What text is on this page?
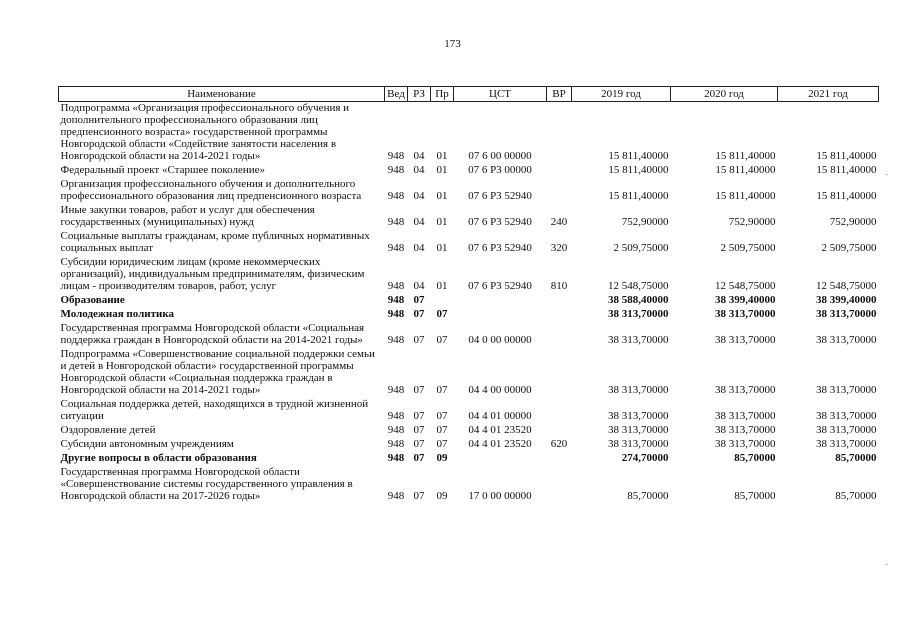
173
Наименование	Вед	РЗ	Пр	ЦСТ	ВР	2019 год	2020 год	2021 год
Подпрограмма «Организация профессионального обучения и дополнительного профессионального образования лиц предпенсионного возраста» государственной программы Новгородской области «Содействие занятости населения в Новгородской области на 2014-2021 годы»	948	04	01	07 6 00 00000		15 811,40000	15 811,40000	15 811,40000
Федеральный проект «Старшее поколение»	948	04	01	07 6 P3 00000		15 811,40000	15 811,40000	15 811,40000
Организация профессионального обучения и дополнительного профессионального образования лиц предпенсионного возраста	948	04	01	07 6 P3 52940		15 811,40000	15 811,40000	15 811,40000
Иные закупки товаров, работ и услуг для обеспечения государственных (муниципальных) нужд	948	04	01	07 6 P3 52940	240	752,90000	752,90000	752,90000
Социальные выплаты гражданам, кроме публичных нормативных социальных выплат	948	04	01	07 6 P3 52940	320	2 509,75000	2 509,75000	2 509,75000
Субсидии юридическим лицам (кроме некоммерческих организаций), индивидуальным предпринимателям, физическим лицам - производителям товаров, работ, услуг	948	04	01	07 6 P3 52940	810	12 548,75000	12 548,75000	12 548,75000
Образование	948	07				38 588,40000	38 399,40000	38 399,40000
Молодежная политика	948	07	07			38 313,70000	38 313,70000	38 313,70000
Государственная программа Новгородской области «Социальная поддержка граждан в Новгородской области на 2014-2021 годы»	948	07	07	04 0 00 00000		38 313,70000	38 313,70000	38 313,70000
Подпрограмма «Совершенствование социальной поддержки семьи и детей в Новгородской области» государственной программы Новгородской области «Социальная поддержка граждан в Новгородской области на 2014-2021 годы»	948	07	07	04 4 00 00000		38 313,70000	38 313,70000	38 313,70000
Социальная поддержка детей, находящихся в трудной жизненной ситуации	948	07	07	04 4 01 00000		38 313,70000	38 313,70000	38 313,70000
Оздоровление детей	948	07	07	04 4 01 23520		38 313,70000	38 313,70000	38 313,70000
Субсидии автономным учреждениям	948	07	07	04 4 01 23520	620	38 313,70000	38 313,70000	38 313,70000
Другие вопросы в области образования	948	07	09			274,70000	85,70000	85,70000
Государственная программа Новгородской области «Совершенствование системы государственного управления в Новгородской области на 2017-2026 годы»	948	07	09	17 0 00 00000		85,70000	85,70000	85,70000
·
·
